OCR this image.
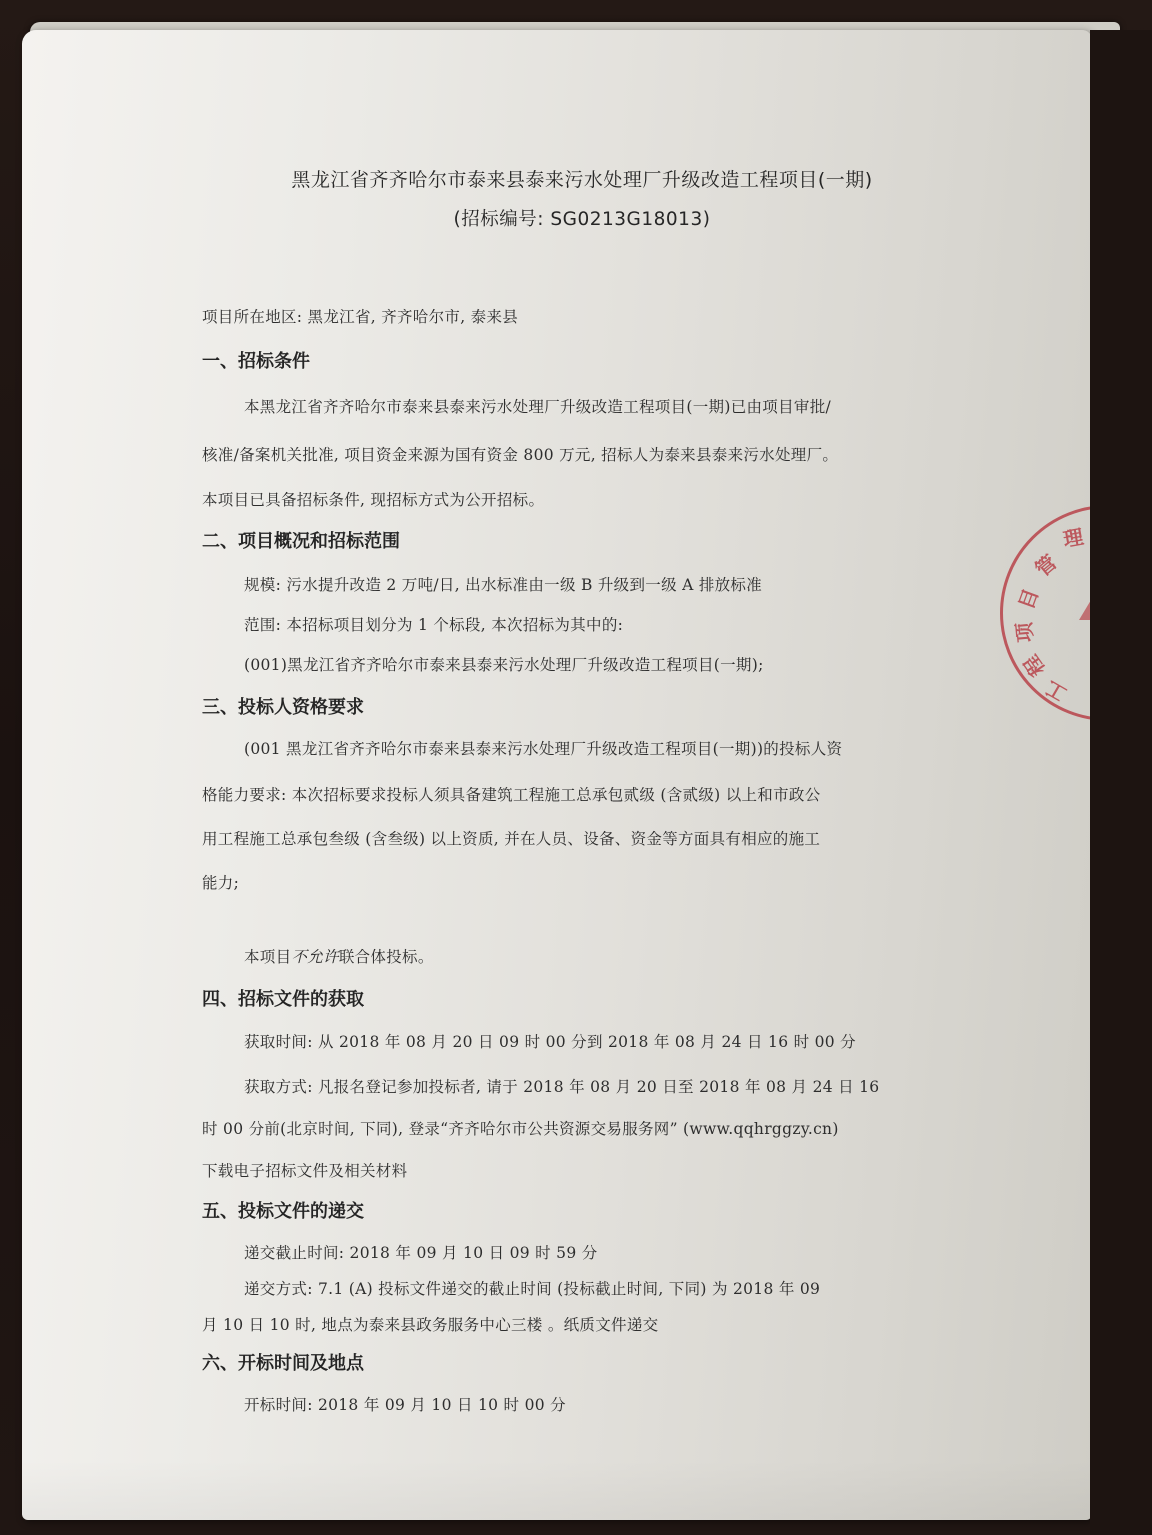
黑龙江省齐齐哈尔市泰来县泰来污水处理厂升级改造工程项目(一期)
(招标编号: SG0213G18013)
项目所在地区: 黑龙江省, 齐齐哈尔市, 泰来县
一、招标条件
本黑龙江省齐齐哈尔市泰来县泰来污水处理厂升级改造工程项目(一期)已由项目审批/
核准/备案机关批准, 项目资金来源为国有资金 800 万元, 招标人为泰来县泰来污水处理厂。
本项目已具备招标条件, 现招标方式为公开招标。
二、项目概况和招标范围
规模: 污水提升改造 2 万吨/日, 出水标准由一级 B 升级到一级 A 排放标准
范围: 本招标项目划分为 1 个标段, 本次招标为其中的:
(001)黑龙江省齐齐哈尔市泰来县泰来污水处理厂升级改造工程项目(一期);
三、投标人资格要求
(001 黑龙江省齐齐哈尔市泰来县泰来污水处理厂升级改造工程项目(一期))的投标人资
格能力要求: 本次招标要求投标人须具备建筑工程施工总承包贰级 (含贰级) 以上和市政公
用工程施工总承包叁级 (含叁级) 以上资质, 并在人员、设备、资金等方面具有相应的施工
能力;
本项目不允许联合体投标。
四、招标文件的获取
获取时间: 从 2018 年 08 月 20 日 09 时 00 分到 2018 年 08 月 24 日 16 时 00 分
获取方式: 凡报名登记参加投标者, 请于 2018 年 08 月 20 日至 2018 年 08 月 24 日 16
时 00 分前(北京时间, 下同), 登录“齐齐哈尔市公共资源交易服务网” (www.qqhrggzy.cn)
下载电子招标文件及相关材料
五、投标文件的递交
递交截止时间: 2018 年 09 月 10 日 09 时 59 分
递交方式: 7.1 (A) 投标文件递交的截止时间 (投标截止时间, 下同) 为 2018 年 09
月 10 日 10 时, 地点为泰来县政务服务中心三楼 。纸质文件递交
六、开标时间及地点
开标时间: 2018 年 09 月 10 日 10 时 00 分
理
管
目
项
程
工
